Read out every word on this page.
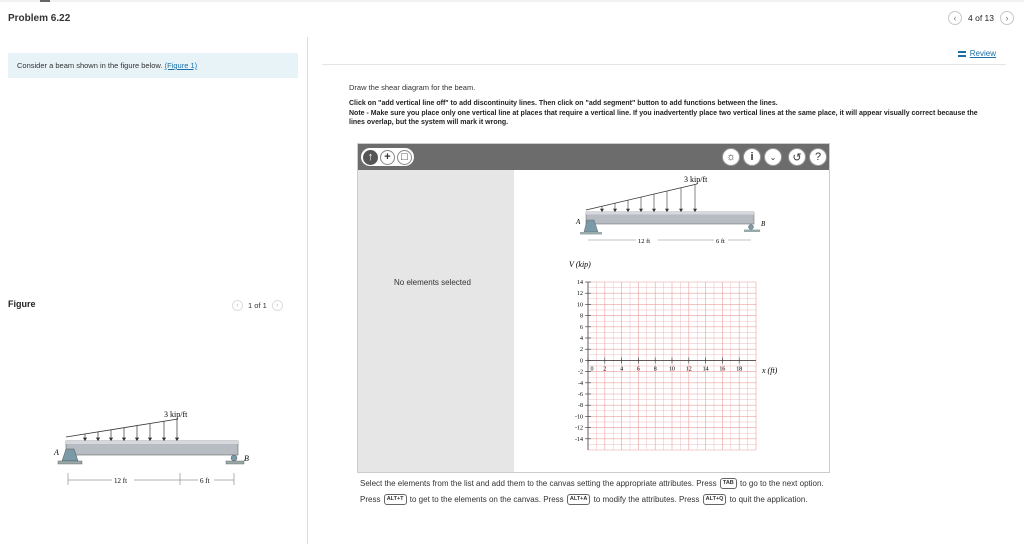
Problem 6.22	‹	4 of 13	›
Consider a beam shown in the figure below. (Figure 1)
Figure	‹	1 of 1	›
3 kip/ft
A
B
12 ft	6 ft
Review
Draw the shear diagram for the beam.
Click on "add vertical line off" to add discontinuity lines. Then click on "add segment" button to add functions between the lines.
Note - Make sure you place only one vertical line at places that require a vertical line. If you inadvertently place two vertical lines at the same place, it will appear visually correct because the lines overlap, but the system will mark it wrong.
↑	+ □	☼	i	⌄	↺	?
No elements selected
3 kip/ft
A	B
12 ft	6 ft
V (kip)
x (ft)
14
12
10
8
6
4
2
0
-2
-4
-6
-8
-10
-12
-14
0 2 4 6 8 10 12 14 16 18
Select the elements from the list and add them to the canvas setting the appropriate attributes. Press TAB to go to the next option. Press ALT+T to get to the elements on the canvas. Press ALT+A to modify the attributes. Press ALT+Q to quit the application.
